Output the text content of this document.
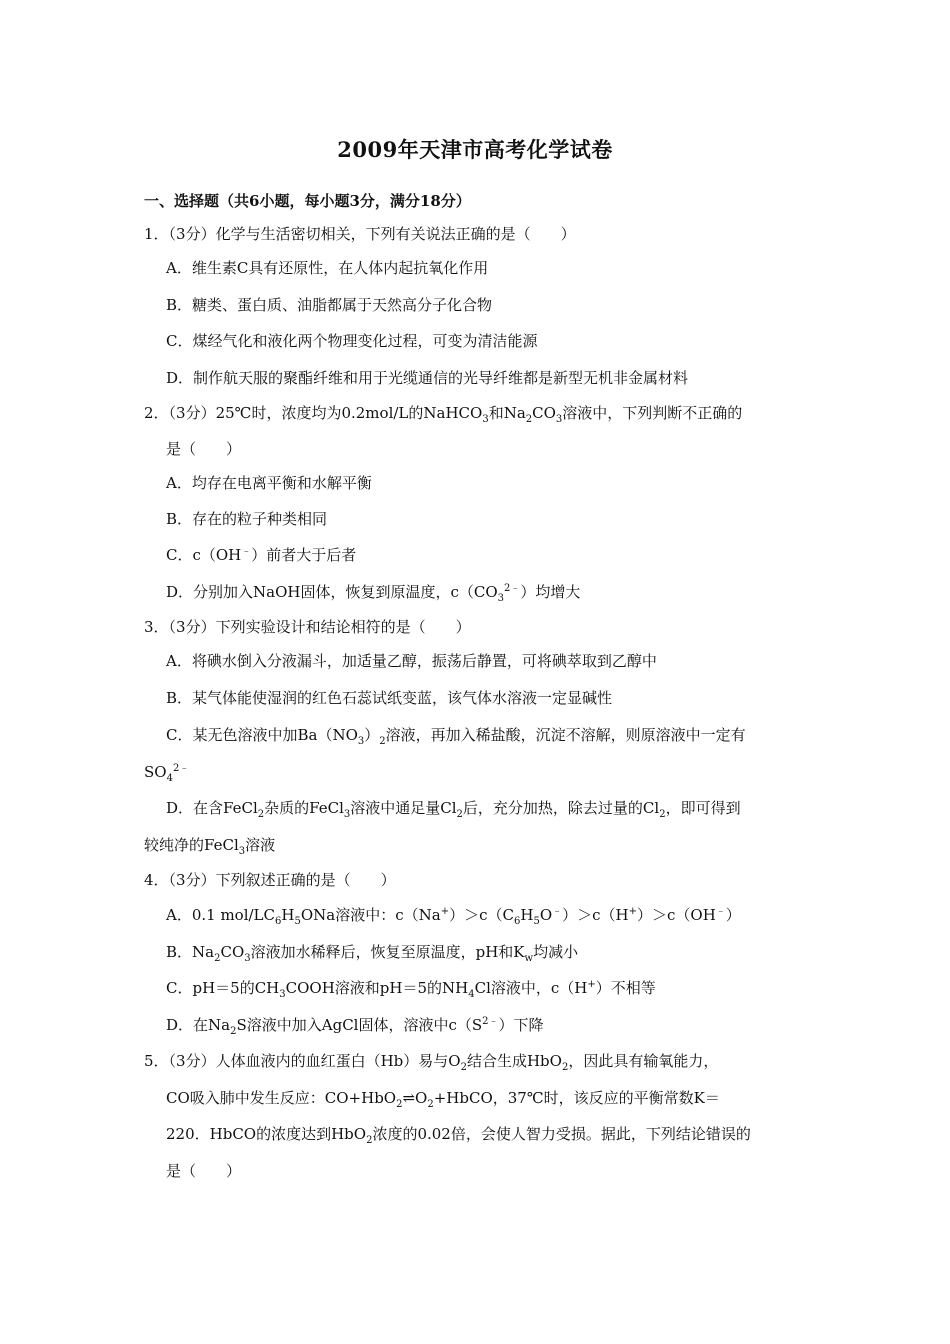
2009年天津市高考化学试卷
一、选择题（共6小题，每小题3分，满分18分）
1．（3分）化学与生活密切相关，下列有关说法正确的是（　　）
A．维生素C具有还原性，在人体内起抗氧化作用
B．糖类、蛋白质、油脂都属于天然高分子化合物
C．煤经气化和液化两个物理变化过程，可变为清洁能源
D．制作航天服的聚酯纤维和用于光缆通信的光导纤维都是新型无机非金属材料
2．（3分）25℃时，浓度均为0.2mol/L的NaHCO$_3$和$Na_2CO_3$溶液中，下列判断不正确的
是（　　）
A．均存在电离平衡和水解平衡
B．存在的粒子种类相同
C．c（OH﹣）前者大于后者
D．分别加入NaOH固体，恢复到原温度，$c(CO_3^{2﹣})$均增大
3．（3分）下列实验设计和结论相符的是（　　）
A．将碘水倒入分液漏斗，加适量乙醇，振荡后静置，可将碘萃取到乙醇中
B．某气体能使湿润的红色石蕊试纸变蓝，该气体水溶液一定显碱性
C．某无色溶液中加$Ba(NO_3)_2$溶液，再加入稀盐酸，沉淀不溶解，则原溶液中一定有
$SO_4^{2﹣}$
D．在含FeCl$_2$杂质的FeCl$_3$溶液中通足量$Cl_2$后，充分加热，除去过量的$Cl_2$，即可得到
较纯净的FeCl$_3$溶液
4．（3分）下列叙述正确的是（　　）
A．0.1 mol/$LC_6H_5ONa$溶液中：$c(Na^+)>c(C_6H_5O^﹣)>c(H^+)>c(OH^﹣)$
B．$Na_2CO_3$溶液加水稀释后，恢复至原温度，pH和$K_w$均减小
C．pH＝5的$CH_3COOH$溶液和pH＝5的$NH_4Cl$溶液中，c（H+）不相等
D．在$Na_2S$溶液中加入AgCl固体，溶液中$c(S^{2﹣})$下降
5．（3分）人体血液内的血红蛋白（Hb）易与$O_2$结合生成HbO$_2$，因此具有输氧能力，
CO吸入肺中发生反应：$CO+HbO_2\rightleftharpoons O_2+HbCO$，37℃时，该反应的平衡常数K＝
220．HbCO的浓度达到HbO$_2$浓度的0.02倍，会使人智力受损。据此，下列结论错误的
是（　　）
